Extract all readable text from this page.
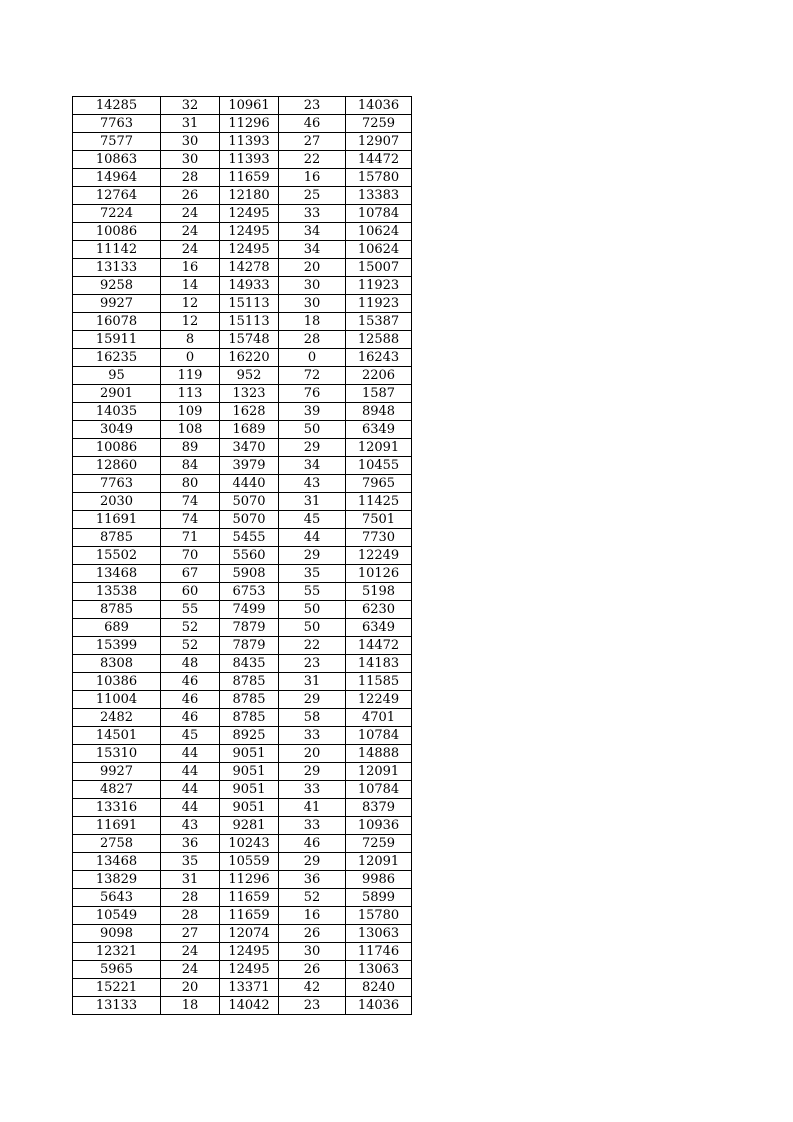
14285	32	10961	23	14036
7763	31	11296	46	7259
7577	30	11393	27	12907
10863	30	11393	22	14472
14964	28	11659	16	15780
12764	26	12180	25	13383
7224	24	12495	33	10784
10086	24	12495	34	10624
11142	24	12495	34	10624
13133	16	14278	20	15007
9258	14	14933	30	11923
9927	12	15113	30	11923
16078	12	15113	18	15387
15911	8	15748	28	12588
16235	0	16220	0	16243
95	119	952	72	2206
2901	113	1323	76	1587
14035	109	1628	39	8948
3049	108	1689	50	6349
10086	89	3470	29	12091
12860	84	3979	34	10455
7763	80	4440	43	7965
2030	74	5070	31	11425
11691	74	5070	45	7501
8785	71	5455	44	7730
15502	70	5560	29	12249
13468	67	5908	35	10126
13538	60	6753	55	5198
8785	55	7499	50	6230
689	52	7879	50	6349
15399	52	7879	22	14472
8308	48	8435	23	14183
10386	46	8785	31	11585
11004	46	8785	29	12249
2482	46	8785	58	4701
14501	45	8925	33	10784
15310	44	9051	20	14888
9927	44	9051	29	12091
4827	44	9051	33	10784
13316	44	9051	41	8379
11691	43	9281	33	10936
2758	36	10243	46	7259
13468	35	10559	29	12091
13829	31	11296	36	9986
5643	28	11659	52	5899
10549	28	11659	16	15780
9098	27	12074	26	13063
12321	24	12495	30	11746
5965	24	12495	26	13063
15221	20	13371	42	8240
13133	18	14042	23	14036
